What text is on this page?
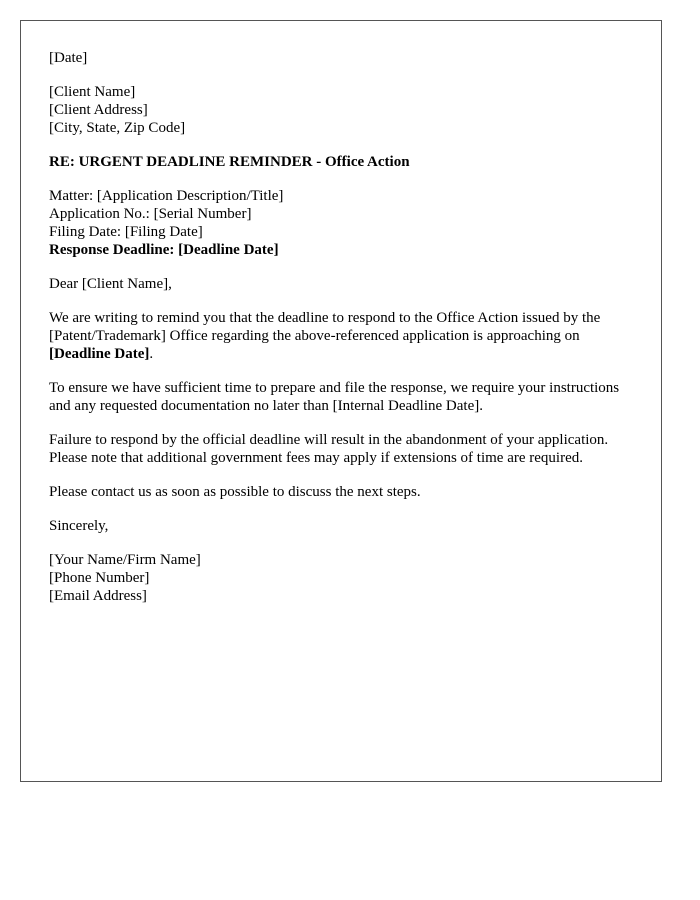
[Date]
[Client Name]
[Client Address]
[City, State, Zip Code]
RE: URGENT DEADLINE REMINDER - Office Action
Matter: [Application Description/Title]
Application No.: [Serial Number]
Filing Date: [Filing Date]
Response Deadline: [Deadline Date]

Dear [Client Name],

We are writing to remind you that the deadline to respond to the Office Action issued by the [Patent/Trademark] Office regarding the above-referenced application is approaching on [Deadline Date].

To ensure we have sufficient time to prepare and file the response, we require your instructions and any requested documentation no later than [Internal Deadline Date].

Failure to respond by the official deadline will result in the abandonment of your application. Please note that additional government fees may apply if extensions of time are required.

Please contact us as soon as possible to discuss the next steps.

Sincerely,

[Your Name/Firm Name]
[Phone Number]
[Email Address]
